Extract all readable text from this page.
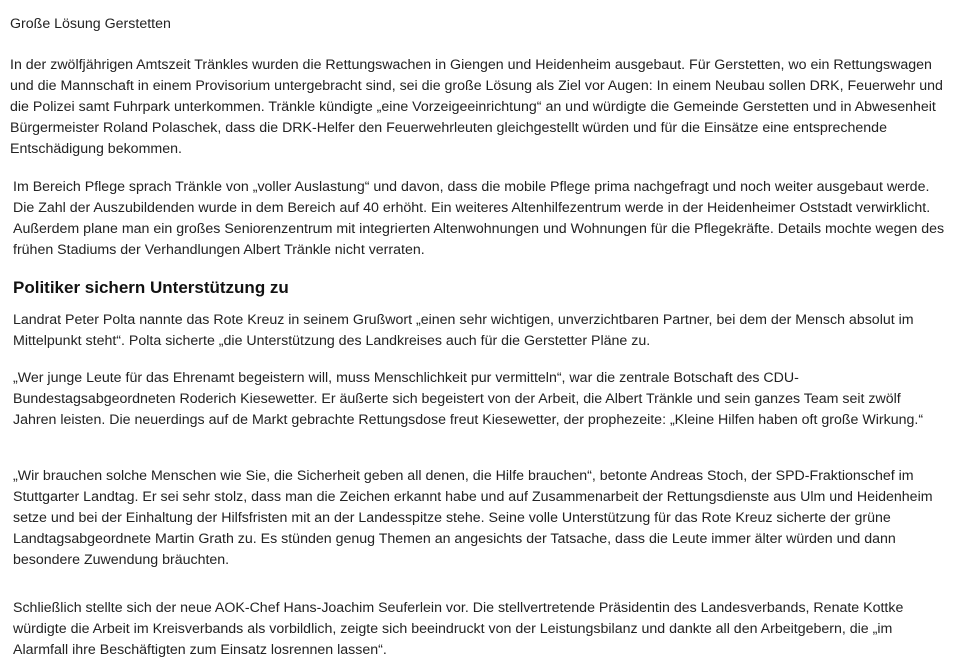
Große Lösung Gerstetten

In der zwölfjährigen Amtszeit Tränkles wurden die Rettungswachen in Giengen und Heidenheim ausgebaut. Für Gerstetten, wo ein Rettungswagen und die Mannschaft in einem Provisorium untergebracht sind, sei die große Lösung als Ziel vor Augen: In einem Neubau sollen DRK, Feuerwehr und die Polizei samt Fuhrpark unterkommen. Tränkle kündigte „eine Vorzeigeeinrichtung“ an und würdigte die Gemeinde Gerstetten und in Abwesenheit Bürgermeister Roland Polaschek, dass die DRK-Helfer den Feuerwehrleuten gleichgestellt würden und für die Einsätze eine entsprechende Entschädigung bekommen.

Im Bereich Pflege sprach Tränkle von „voller Auslastung“ und davon, dass die mobile Pflege prima nachgefragt und noch weiter ausgebaut werde. Die Zahl der Auszubildenden wurde in dem Bereich auf 40 erhöht. Ein weiteres Altenhilfezentrum werde in der Heidenheimer Oststadt verwirklicht. Außerdem plane man ein großes Seniorenzentrum mit integrierten Altenwohnungen und Wohnungen für die Pflegekräfte. Details mochte wegen des frühen Stadiums der Verhandlungen Albert Tränkle nicht verraten.

Politiker sichern Unterstützung zu

Landrat Peter Polta nannte das Rote Kreuz in seinem Grußwort „einen sehr wichtigen, unverzichtbaren Partner, bei dem der Mensch absolut im Mittelpunkt steht“. Polta sicherte „die Unterstützung des Landkreises auch für die Gerstetter Pläne zu.

„Wer junge Leute für das Ehrenamt begeistern will, muss Menschlichkeit pur vermitteln“, war die zentrale Botschaft des CDU-Bundestagsabgeordneten Roderich Kiesewetter. Er äußerte sich begeistert von der Arbeit, die Albert Tränkle und sein ganzes Team seit zwölf Jahren leisten. Die neuerdings auf de Markt gebrachte Rettungsdose freut Kiesewetter, der prophezeite: „Kleine Hilfen haben oft große Wirkung.“

„Wir brauchen solche Menschen wie Sie, die Sicherheit geben all denen, die Hilfe brauchen“, betonte Andreas Stoch, der SPD-Fraktionschef im Stuttgarter Landtag. Er sei sehr stolz, dass man die Zeichen erkannt habe und auf Zusammenarbeit der Rettungsdienste aus Ulm und Heidenheim setze und bei der Einhaltung der Hilfsfristen mit an der Landesspitze stehe. Seine volle Unterstützung für das Rote Kreuz sicherte der grüne Landtagsabgeordnete Martin Grath zu. Es stünden genug Themen an angesichts der Tatsache, dass die Leute immer älter würden und dann besondere Zuwendung bräuchten.

Schließlich stellte sich der neue AOK-Chef Hans-Joachim Seuferlein vor. Die stellvertretende Präsidentin des Landesverbands, Renate Kottke würdigte die Arbeit im Kreisverbands als vorbildlich, zeigte sich beeindruckt von der Leistungsbilanz und dankte all den Arbeitgebern, die „im Alarmfall ihre Beschäftigten zum Einsatz losrennen lassen“.
